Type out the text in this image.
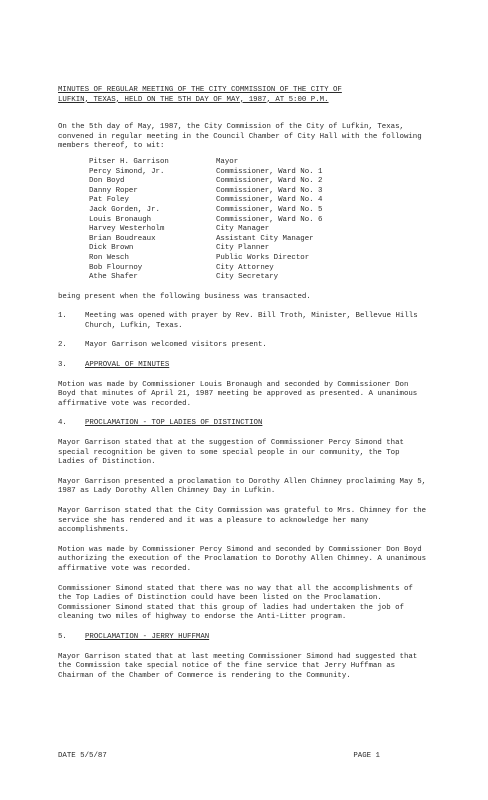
MINUTES OF REGULAR MEETING OF THE CITY COMMISSION OF THE CITY OF

LUFKIN, TEXAS, HELD ON THE 5TH DAY OF MAY, 1987, AT 5:00 P.M.

On the 5th day of May, 1987, the City Commission of the City of Lufkin, Texas, convened in regular meeting in the Council Chamber of City Hall with the following members thereof, to wit:

Pitser H. Garrison	Mayor
Percy Simond, Jr.	Commissioner, Ward No. 1
Don Boyd	Commissioner, Ward No. 2
Danny Roper	Commissioner, Ward No. 3
Pat Foley	Commissioner, Ward No. 4
Jack Gorden, Jr.	Commissioner, Ward No. 5
Louis Bronaugh	Commissioner, Ward No. 6
Harvey Westerholm	City Manager
Brian Boudreaux	Assistant City Manager
Dick Brown	City Planner
Ron Wesch	Public Works Director
Bob Flournoy	City Attorney
Athe Shafer	City Secretary

being present when the following business was transacted.

1.	Meeting was opened with prayer by Rev. Bill Troth, Minister, Bellevue Hills Church, Lufkin, Texas.
2.	Mayor Garrison welcomed visitors present.
3.	APPROVAL OF MINUTES

Motion was made by Commissioner Louis Bronaugh and seconded by Commissioner Don Boyd that minutes of April 21, 1987 meeting be approved as presented. A unanimous affirmative vote was recorded.

4.	PROCLAMATION - TOP LADIES OF DISTINCTION

Mayor Garrison stated that at the suggestion of Commissioner Percy Simond that special recognition be given to some special people in our community, the Top Ladies of Distinction.

Mayor Garrison presented a proclamation to Dorothy Allen Chimney proclaiming May 5, 1987 as Lady Dorothy Allen Chimney Day in Lufkin.

Mayor Garrison stated that the City Commission was grateful to Mrs. Chimney for the service she has rendered and it was a pleasure to acknowledge her many accomplishments.

Motion was made by Commissioner Percy Simond and seconded by Commissioner Don Boyd authorizing the execution of the Proclamation to Dorothy Allen Chimney. A unanimous affirmative vote was recorded.

Commissioner Simond stated that there was no way that all the accomplishments of the Top Ladies of Distinction could have been listed on the Proclamation. Commissioner Simond stated that this group of ladies had undertaken the job of cleaning two miles of highway to endorse the Anti-Litter program.

5.	PROCLAMATION - JERRY HUFFMAN

Mayor Garrison stated that at last meeting Commissioner Simond had suggested that the Commission take special notice of the fine service that Jerry Huffman as Chairman of the Chamber of Commerce is rendering to the Community.

DATE 5/5/87	PAGE 1
